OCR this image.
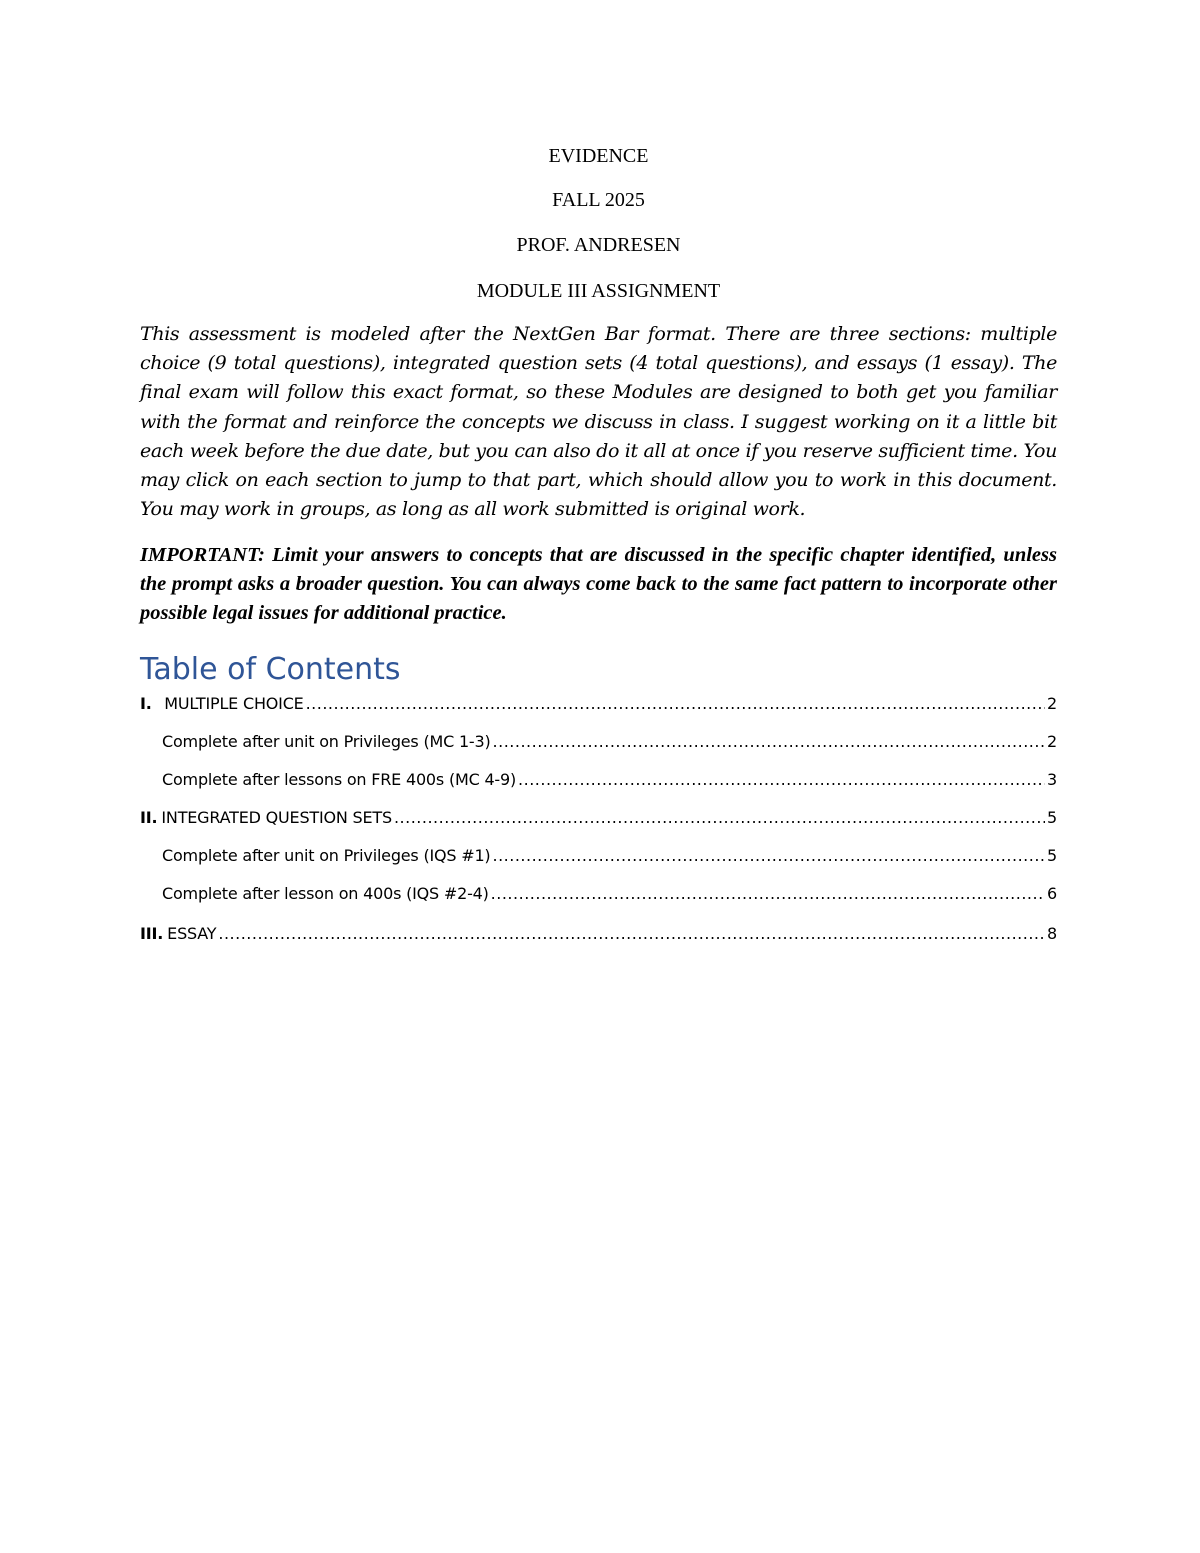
EVIDENCE

FALL 2025

PROF. ANDRESEN

MODULE III ASSIGNMENT

This assessment is modeled after the NextGen Bar format. There are three sections: multiple choice (9 total questions), integrated question sets (4 total questions), and essays (1 essay). The final exam will follow this exact format, so these Modules are designed to both get you familiar with the format and reinforce the concepts we discuss in class. I suggest working on it a little bit each week before the due date, but you can also do it all at once if you reserve sufficient time. You may click on each section to jump to that part, which should allow you to work in this document. You may work in groups, as long as all work submitted is original work.

IMPORTANT: Limit your answers to concepts that are discussed in the specific chapter identified, unless the prompt asks a broader question. You can always come back to the same fact pattern to incorporate other possible legal issues for additional practice.

Table of Contents
I. MULTIPLE CHOICE .....	2
Complete after unit on Privileges (MC 1-3) .....	2
Complete after lessons on FRE 400s (MC 4-9) .....	3
II. INTEGRATED QUESTION SETS .....	5
Complete after unit on Privileges (IQS #1) .....	5
Complete after lesson on 400s (IQS #2-4) .....	6
III. ESSAY .....	8
